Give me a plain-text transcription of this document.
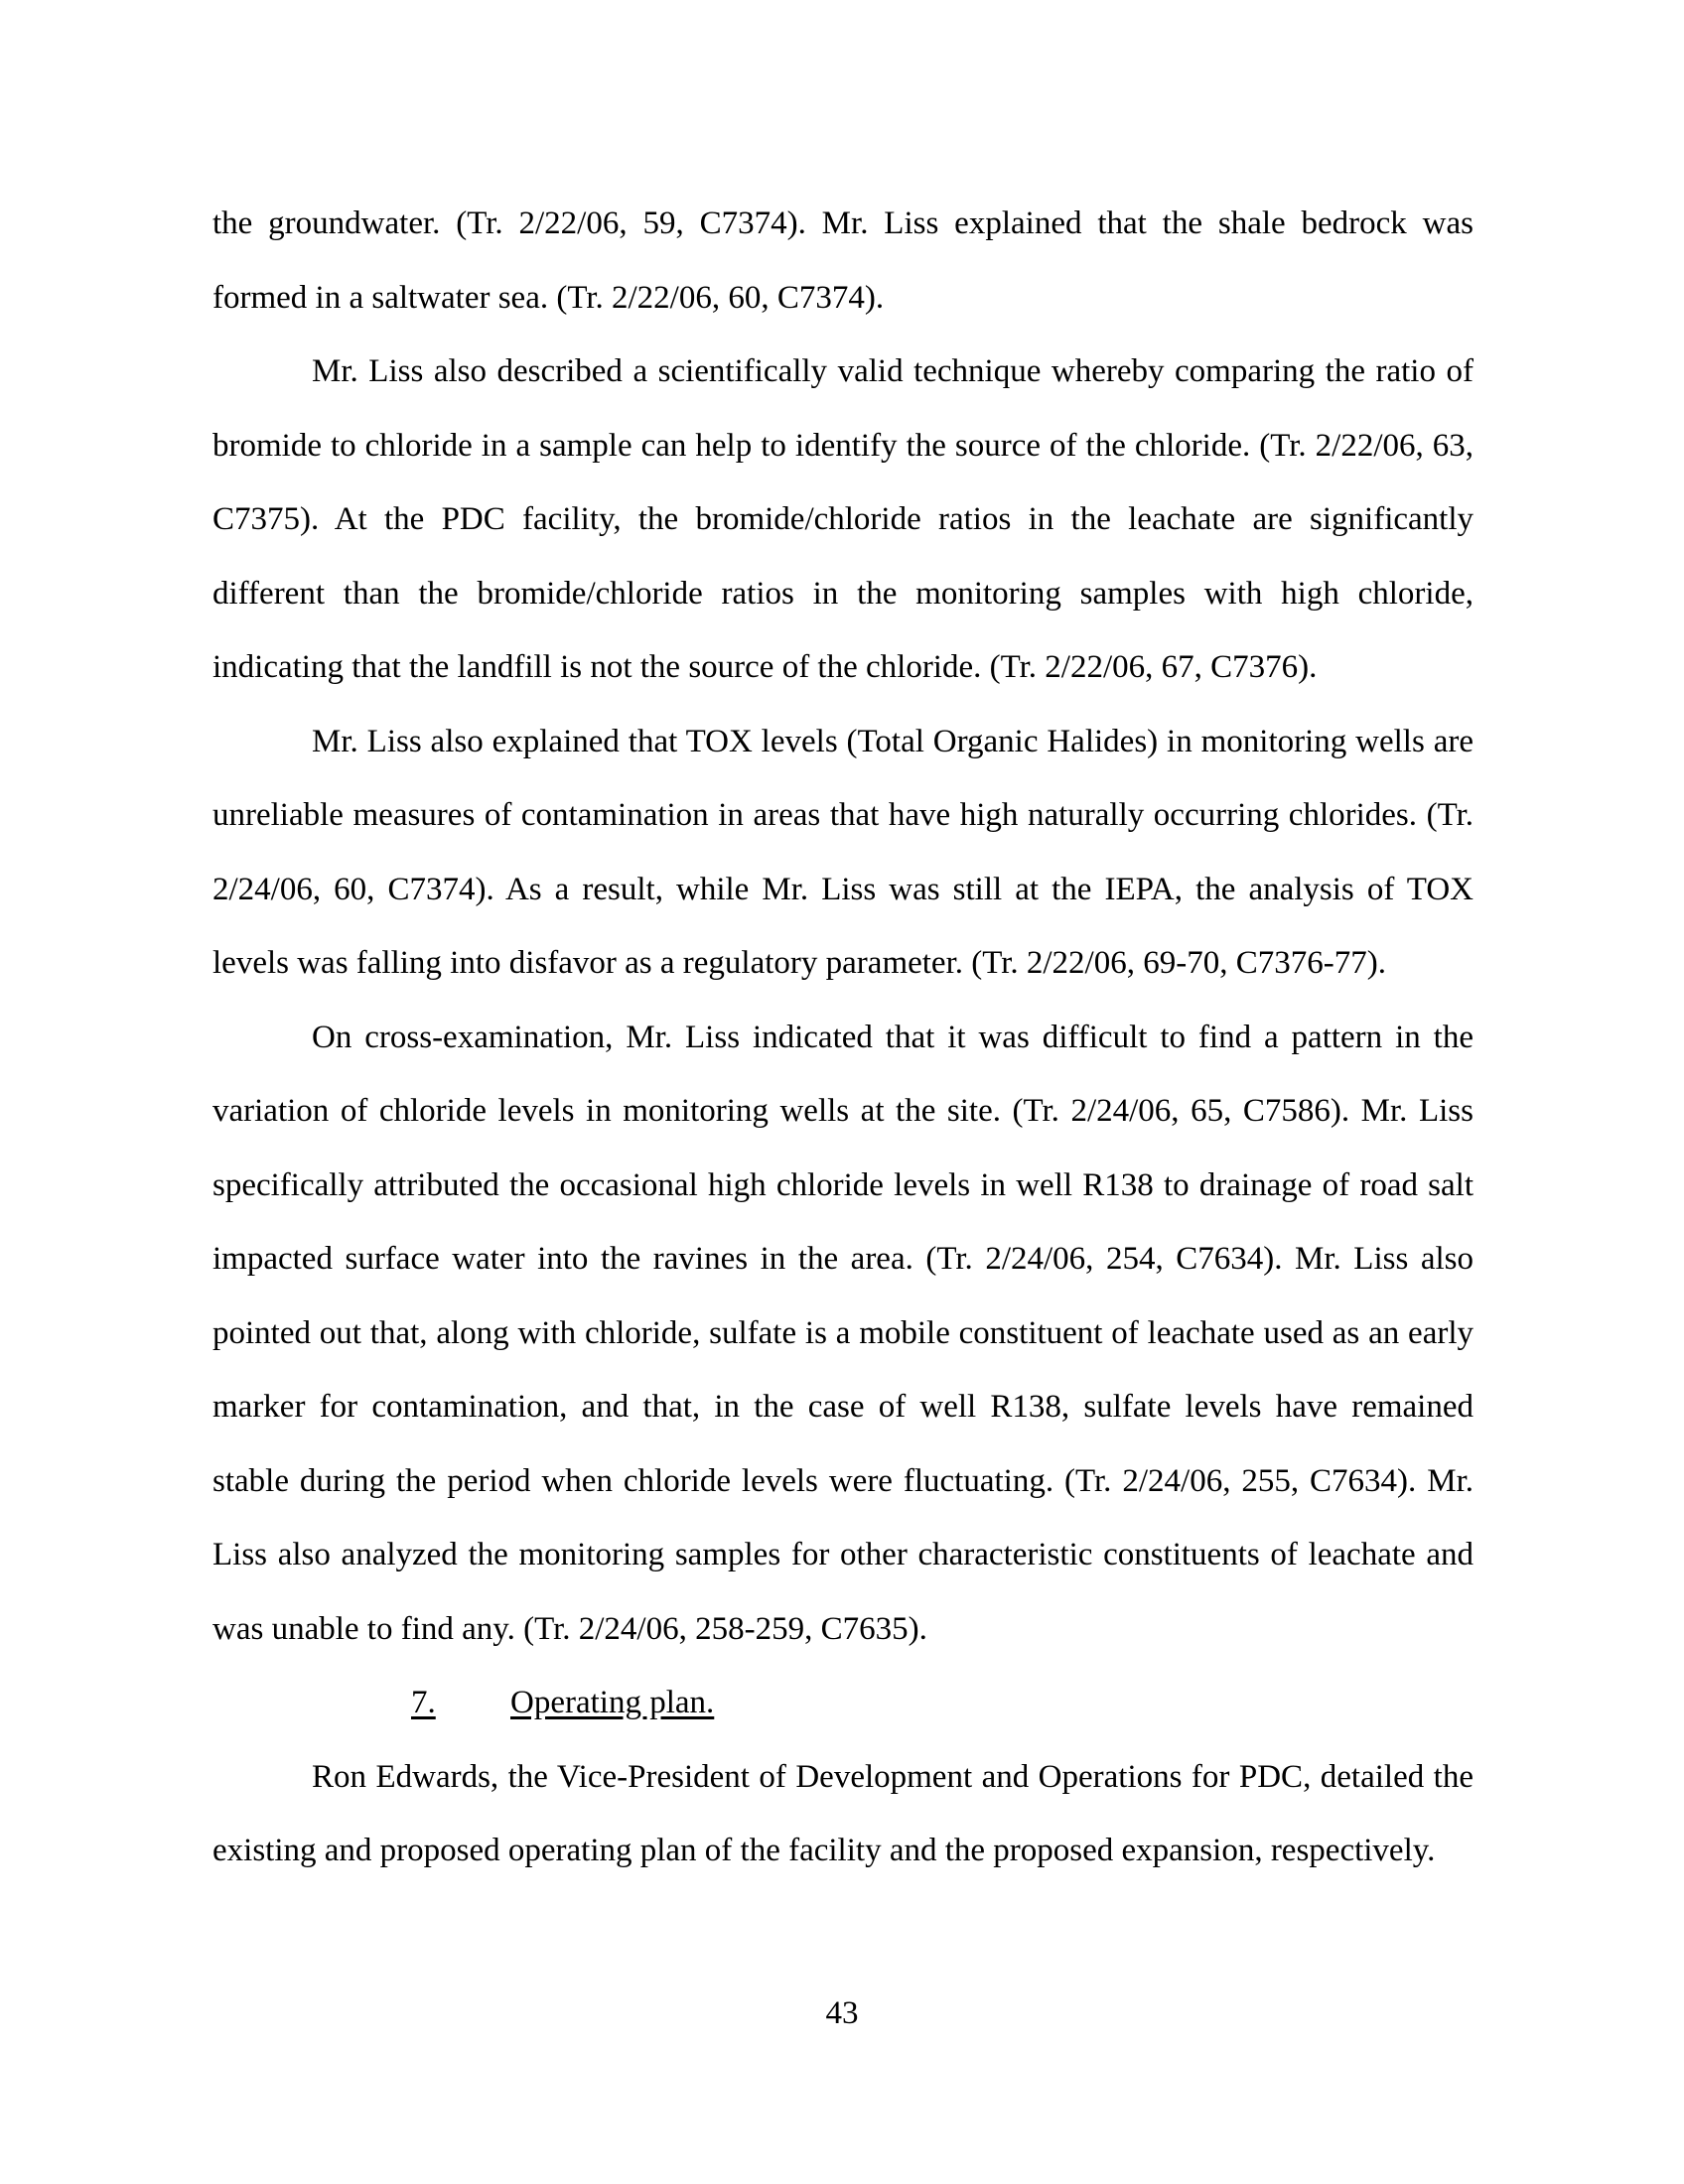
the groundwater. (Tr. 2/22/06, 59, C7374). Mr. Liss explained that the shale bedrock was formed in a saltwater sea. (Tr. 2/22/06, 60, C7374).

Mr. Liss also described a scientifically valid technique whereby comparing the ratio of bromide to chloride in a sample can help to identify the source of the chloride. (Tr. 2/22/06, 63, C7375). At the PDC facility, the bromide/chloride ratios in the leachate are significantly different than the bromide/chloride ratios in the monitoring samples with high chloride, indicating that the landfill is not the source of the chloride. (Tr. 2/22/06, 67, C7376).

Mr. Liss also explained that TOX levels (Total Organic Halides) in monitoring wells are unreliable measures of contamination in areas that have high naturally occurring chlorides. (Tr. 2/24/06, 60, C7374). As a result, while Mr. Liss was still at the IEPA, the analysis of TOX levels was falling into disfavor as a regulatory parameter. (Tr. 2/22/06, 69-70, C7376-77).

On cross-examination, Mr. Liss indicated that it was difficult to find a pattern in the variation of chloride levels in monitoring wells at the site. (Tr. 2/24/06, 65, C7586). Mr. Liss specifically attributed the occasional high chloride levels in well R138 to drainage of road salt impacted surface water into the ravines in the area. (Tr. 2/24/06, 254, C7634). Mr. Liss also pointed out that, along with chloride, sulfate is a mobile constituent of leachate used as an early marker for contamination, and that, in the case of well R138, sulfate levels have remained stable during the period when chloride levels were fluctuating. (Tr. 2/24/06, 255, C7634). Mr. Liss also analyzed the monitoring samples for other characteristic constituents of leachate and was unable to find any. (Tr. 2/24/06, 258-259, C7635).

7. Operating plan.

Ron Edwards, the Vice-President of Development and Operations for PDC, detailed the existing and proposed operating plan of the facility and the proposed expansion, respectively.

43
